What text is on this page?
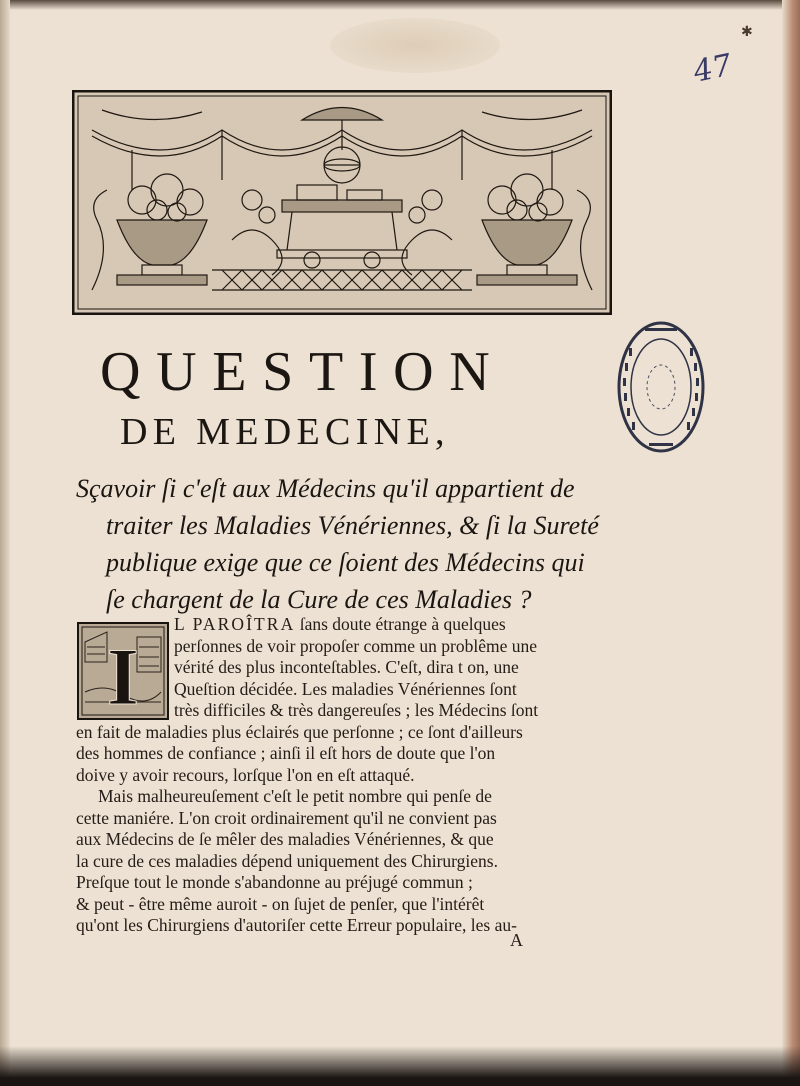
✱
47
QUESTION
DE MEDECINE,
Sçavoir ſi c'eſt aux Médecins qu'il appartient de
traiter les Maladies Vénériennes, & ſi la Sureté
publique exige que ce ſoient des Médecins qui
ſe chargent de la Cure de ces Maladies ?
I
L PAROÎTRA ſans doute étrange à quelques
perſonnes de voir propoſer comme un problême une
vérité des plus inconteſtables. C'eſt, dira t on, une
Queſtion décidée. Les maladies Vénériennes ſont
très difficiles & très dangereuſes ; les Médecins ſont
en fait de maladies plus éclairés que perſonne ; ce ſont d'ailleurs
des hommes de confiance ; ainſi il eſt hors de doute que l'on
doive y avoir recours, lorſque l'on en eſt attaqué.
Mais malheureuſement c'eſt le petit nombre qui penſe de
cette maniére. L'on croit ordinairement qu'il ne convient pas
aux Médecins de ſe mêler des maladies Vénériennes, & que
la cure de ces maladies dépend uniquement des Chirurgiens.
Preſque tout le monde s'abandonne au préjugé commun ;
& peut - être même auroit - on ſujet de penſer, que l'intérêt
qu'ont les Chirurgiens d'autoriſer cette Erreur populaire, les au-
A
